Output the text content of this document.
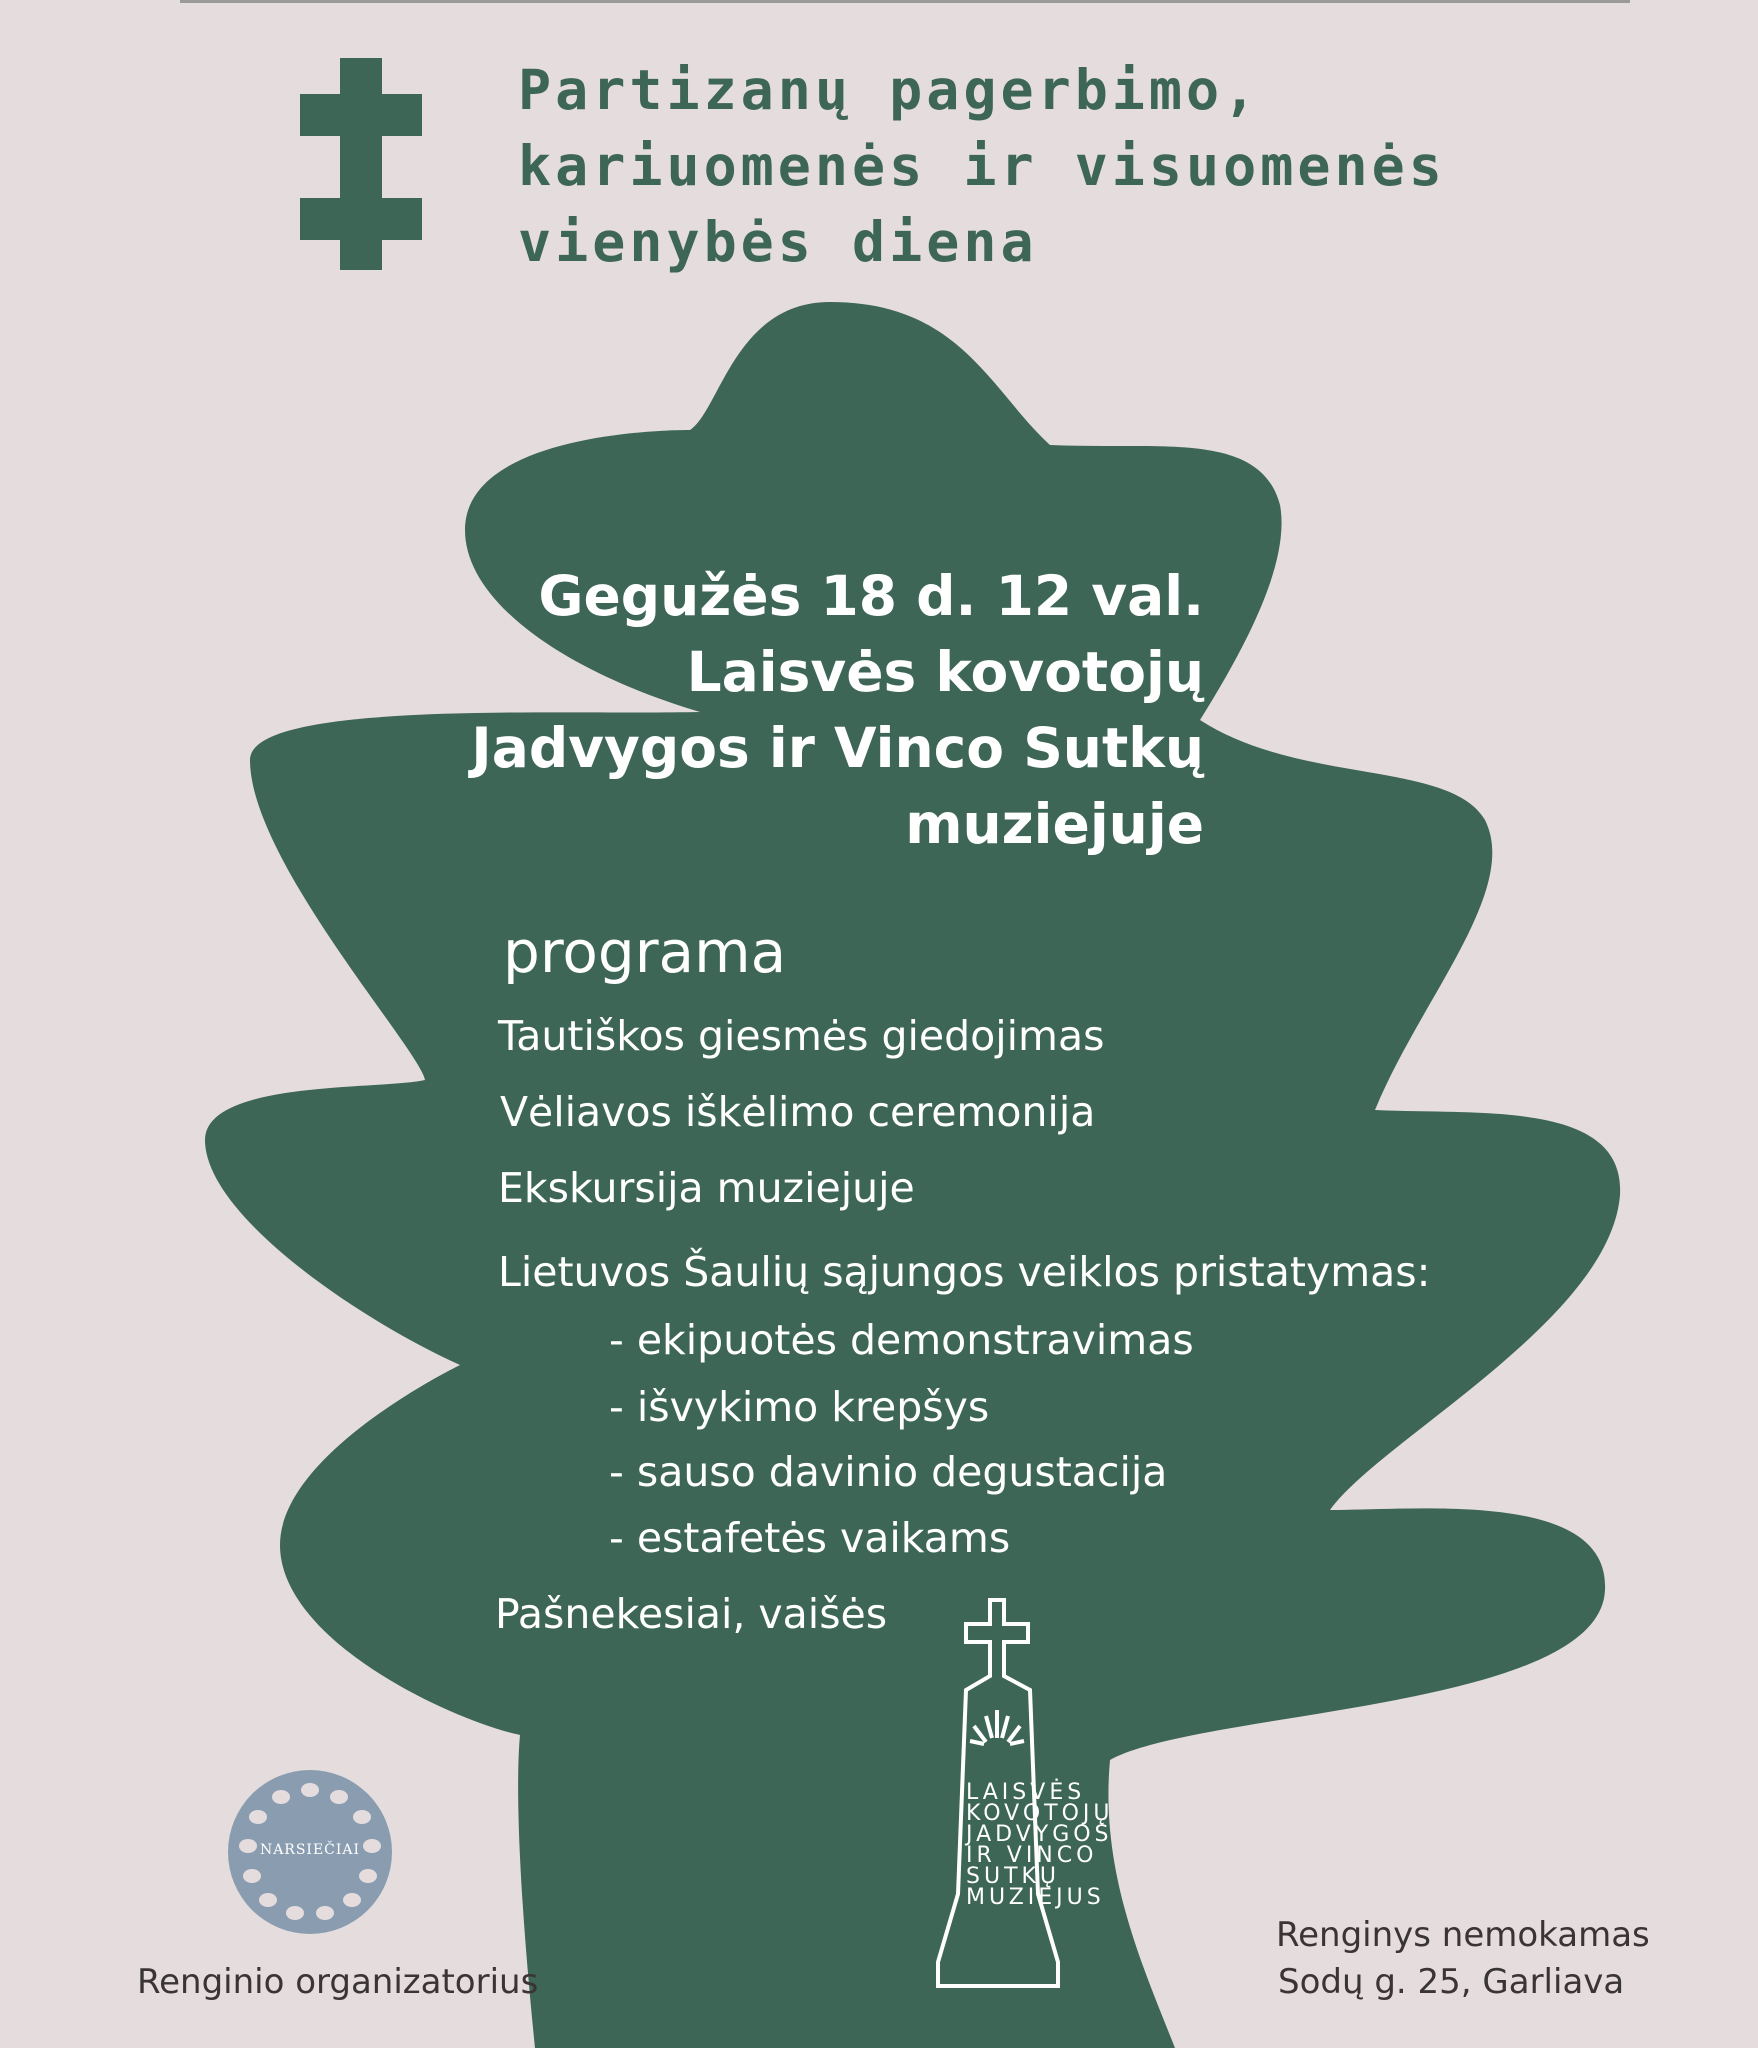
Partizanų pagerbimo,
kariuomenės ir visuomenės
vienybės diena
Gegužės 18 d. 12 val.
Laisvės kovotojų
Jadvygos ir Vinco Sutkų
muziejuje
programa
Tautiškos giesmės giedojimas
Vėliavos iškėlimo ceremonija
Ekskursija muziejuje
Lietuvos Šaulių sąjungos veiklos pristatymas:
- ekipuotės demonstravimas
- išvykimo krepšys
- sauso davinio degustacija
- estafetės vaikams
Pašnekesiai, vaišės
LAISVĖS
KOVOTOJŲ
JADVYGOS
IR VINCO
SUTKŲ
MUZIEJUS
NARSIEČIAI
Renginio organizatorius
Renginys nemokamas
Sodų g. 25, Garliava
